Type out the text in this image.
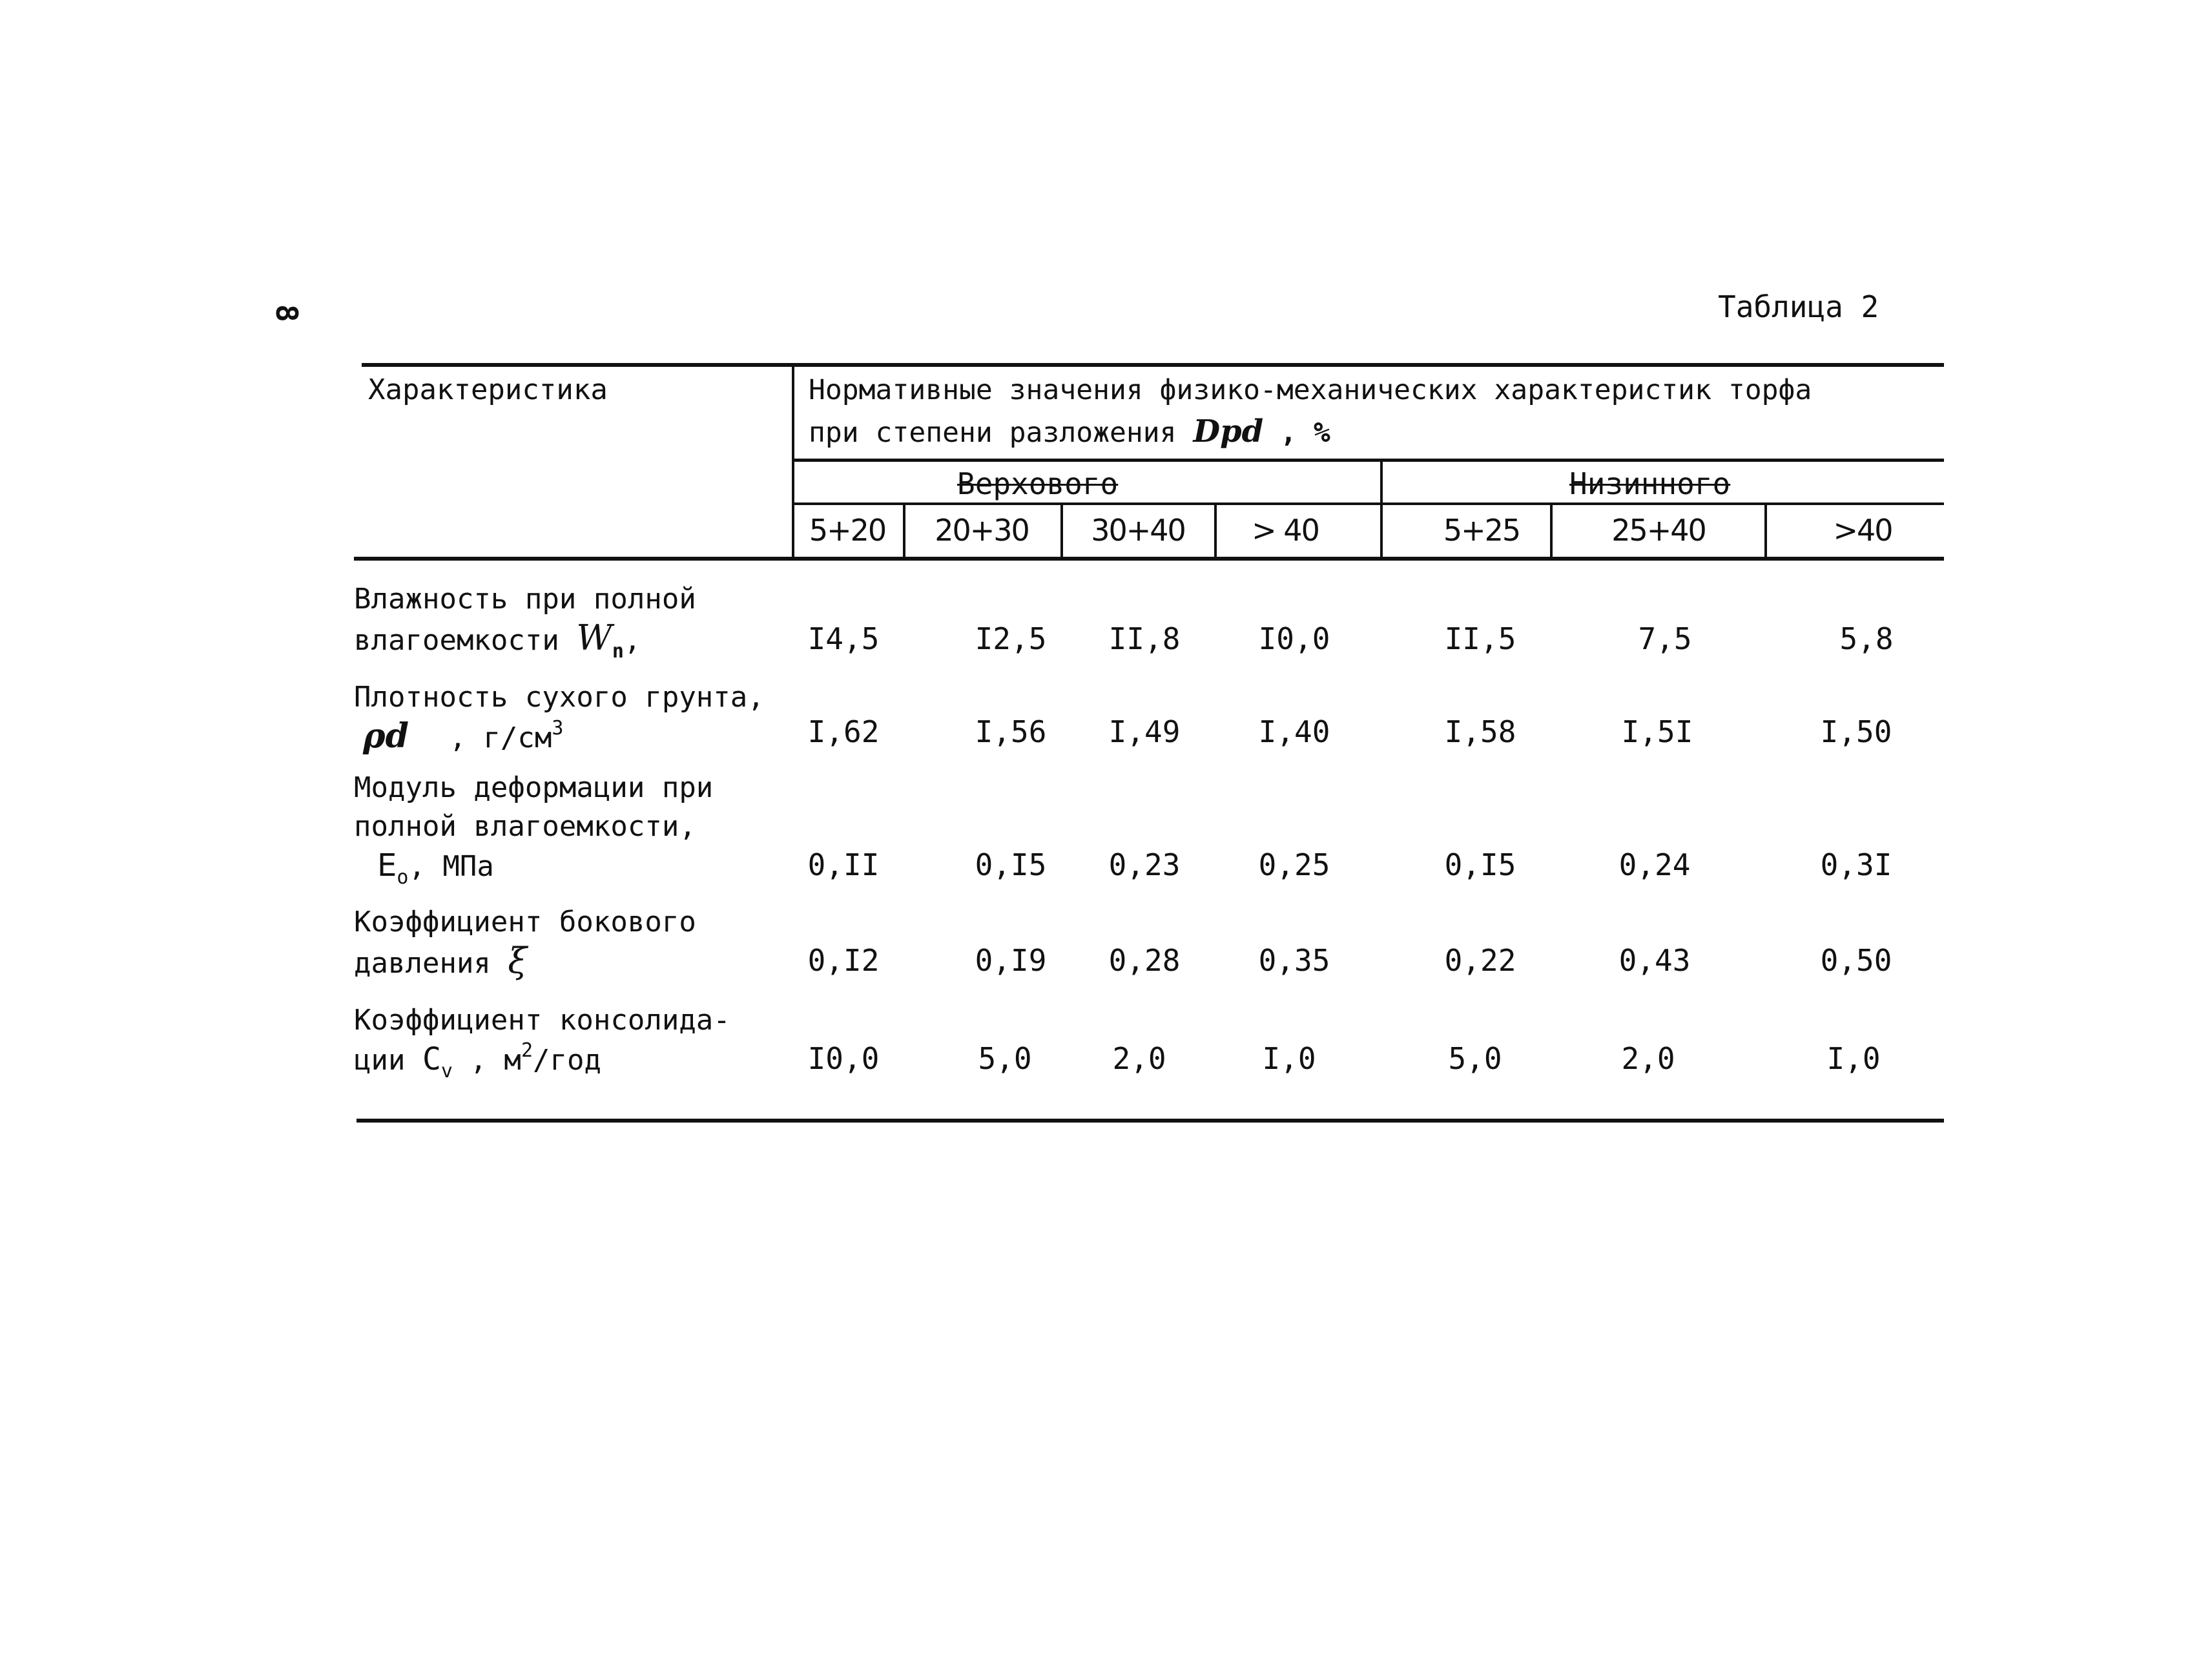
8	Таблица 2
Характеристика	Нормативные значения физико-механических характеристик торфа
при степени разложения Dpd , %
Верхового	Низинного
5+20	20+30	30+40	> 40	5+25	25+40	>40
Влажность при полной
влагоемкости $W_n$,	I4,5	I2,5	II,8	I0,0	II,5	7,5	5,8
Плотность сухого грунта,
ρd , $г/см^3$	I,62	I,56	I,49	I,40	I,58	I,5I	I,50
Модуль деформации при
полной влагоемкости,
$E_o$, МПа	0,II	0,I5	0,23	0,25	0,I5	0,24	0,3I
Коэффициент бокового
давления ξ	0,I2	0,I9	0,28	0,35	0,22	0,43	0,50
Коэффициент консолида-
ции $C_v$ , $м^2$/год	I0,0	5,0	2,0	I,0	5,0	2,0	I,0
